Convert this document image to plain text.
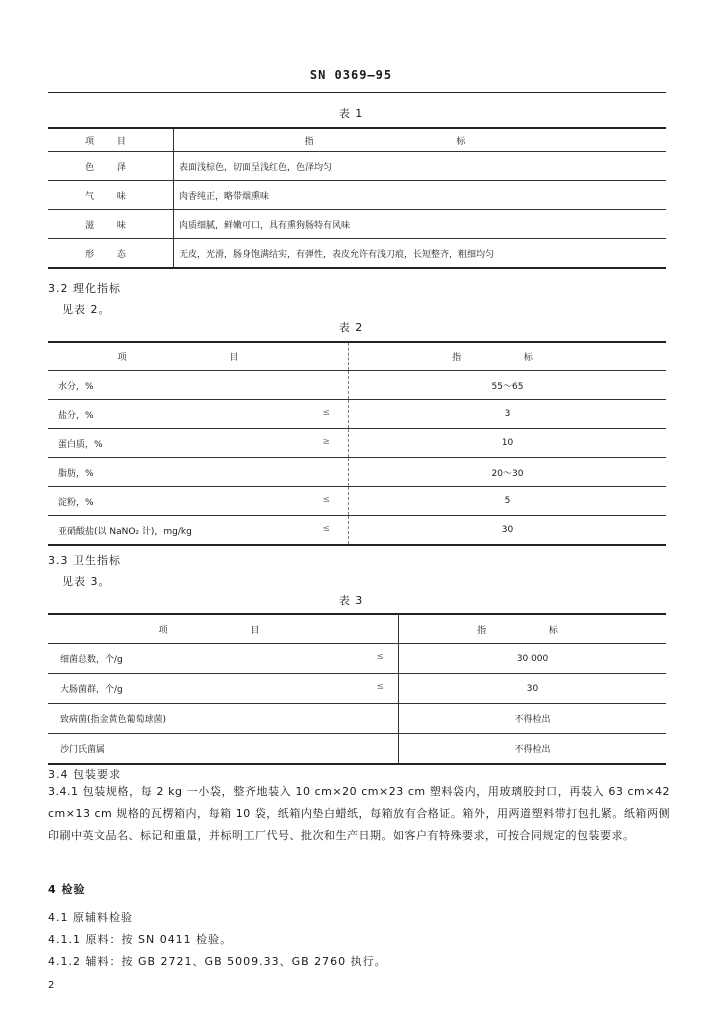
SN 0369—95
表 1
项 目	指 标
色 泽	表面浅棕色，切面呈浅红色，色泽均匀
气 味	肉香纯正，略带烟熏味
滋 味	肉质细腻，鲜嫩可口，具有熏狗肠特有风味
形 态	无皮，光滑，肠身饱满结实，有弹性，表皮允许有浅刀痕，长短整齐，粗细均匀
3.2 理化指标
见表 2。
表 2
项 目	指 标
水分，%	55～65
盐分，% ≤	3
蛋白质，% ≥	10
脂肪，%	20～30
淀粉，% ≤	5
亚硝酸盐(以 NaNO₂ 计)，mg/kg ≤	30
3.3 卫生指标
见表 3。
表 3
项 目	指 标
细菌总数，个/g ≤	30 000
大肠菌群，个/g ≤	30
致病菌(指金黄色葡萄球菌)	不得检出
沙门氏菌属	不得检出
3.4 包装要求
3.4.1 包装规格，每 2 kg 一小袋，整齐地装入 10 cm×20 cm×23 cm 塑料袋内，用玻璃胶封口，再装入 63 cm×42 cm×13 cm 规格的瓦楞箱内，每箱 10 袋，纸箱内垫白蜡纸，每箱放有合格证。箱外，用两道塑料带打包扎紧。纸箱两侧印刷中英文品名、标记和重量，并标明工厂代号、批次和生产日期。如客户有特殊要求，可按合同规定的包装要求。
4 检验
4.1 原辅料检验
4.1.1 原料：按 SN 0411 检验。
4.1.2 辅料：按 GB 2721、GB 5009.33、GB 2760 执行。
2
